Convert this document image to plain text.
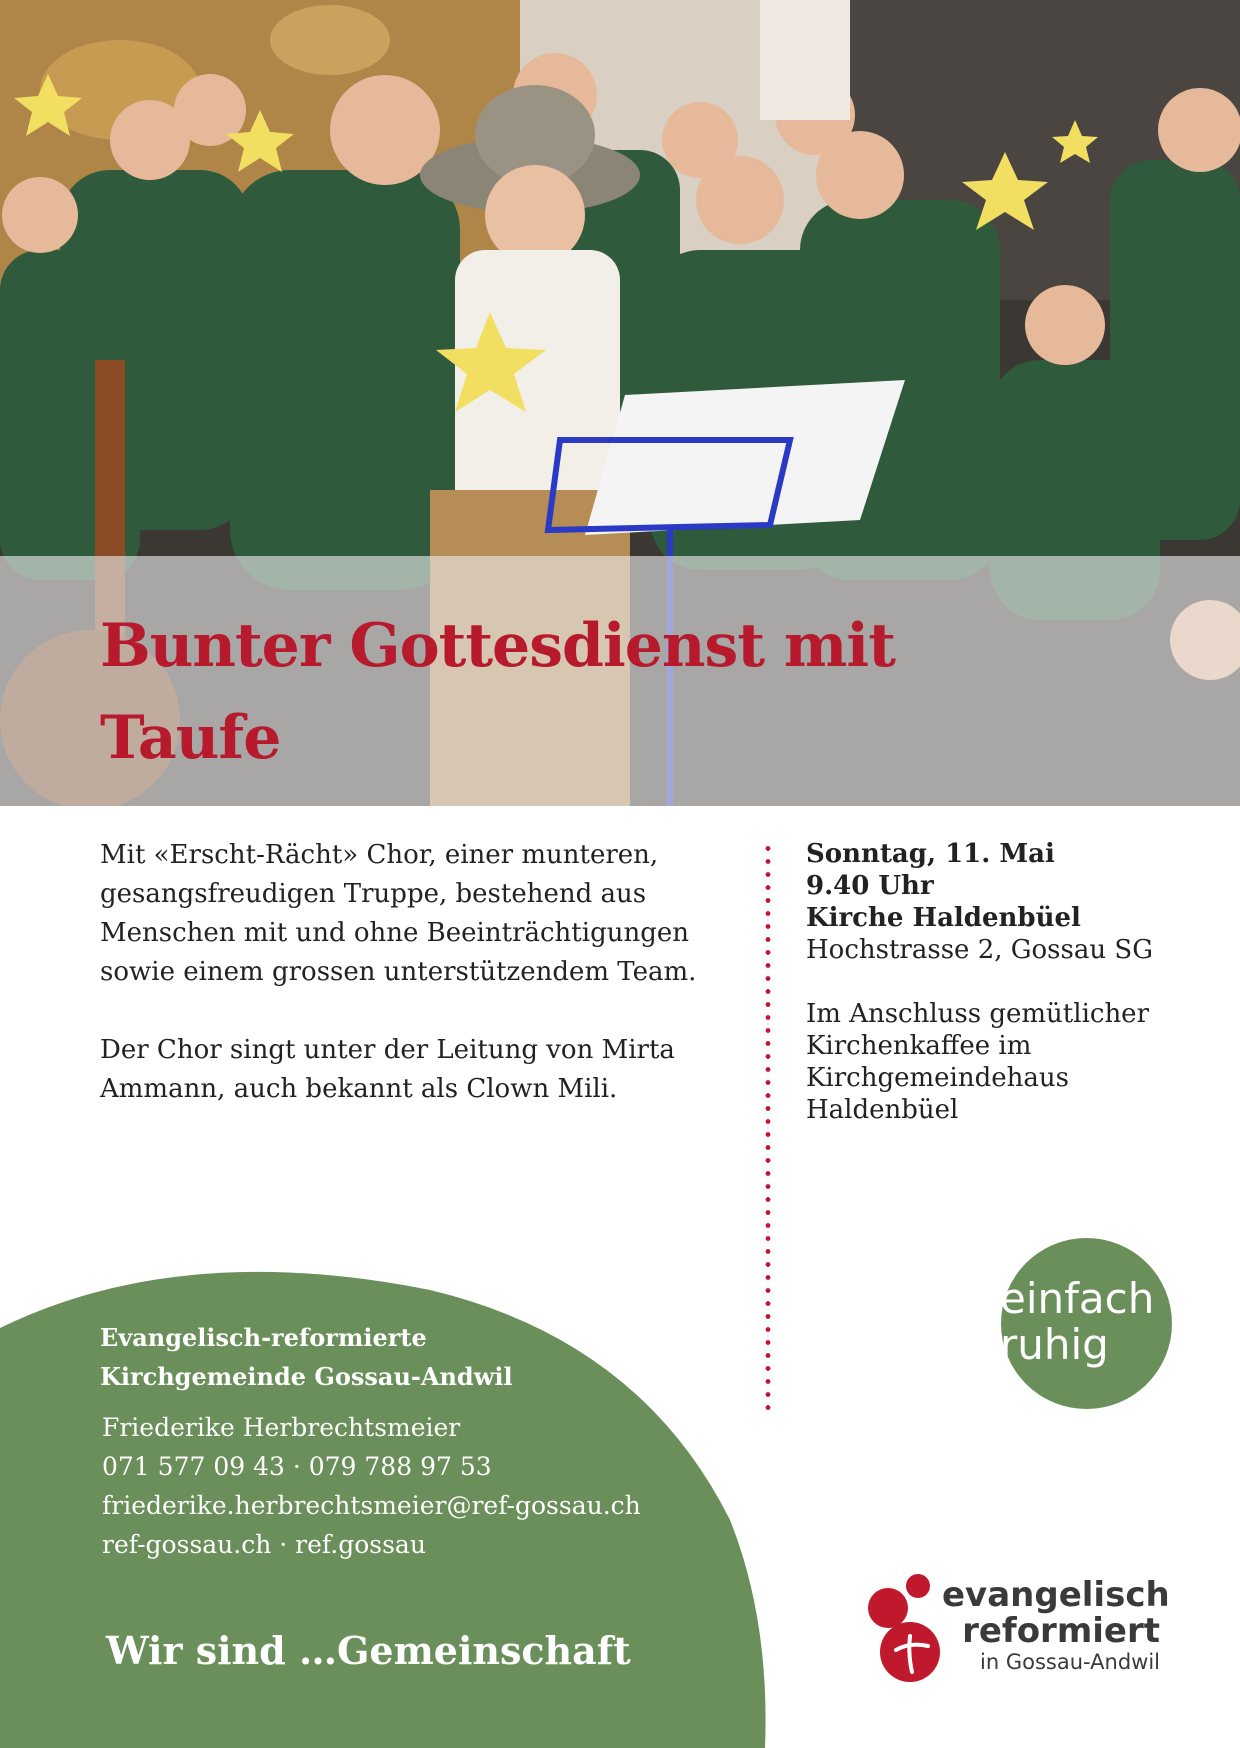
Bunter Gottesdienst mit
Taufe

Mit «Erscht-Rächt» Chor, einer munteren, gesangsfreudigen Truppe, bestehend aus Menschen mit und ohne Beeinträchtigungen sowie einem grossen unterstützendem Team.

Der Chor singt unter der Leitung von Mirta Ammann, auch bekannt als Clown Mili.

Sonntag, 11. Mai
9.40 Uhr
Kirche Haldenbüel
Hochstrasse 2, Gossau SG
Im Anschluss gemütlicher
Kirchenkaffee im
Kirchgemeindehaus
Haldenbüel
Evangelisch-reformierte
Kirchgemeinde Gossau-Andwil
Friederike Herbrechtsmeier
071 577 09 43 · 079 788 97 53
friederike.herbrechtsmeier@ref-gossau.ch
ref-gossau.ch · ref.gossau
Wir sind …Gemeinschaft
einfach
ruhig
evangelisch
reformiert
in Gossau-Andwil
